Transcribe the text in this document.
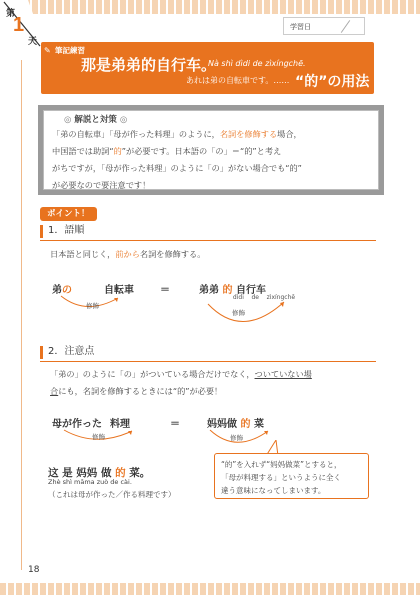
第
1
天
学習日
✎ 筆記練習
那是弟弟的自行车。
Nà shì dìdi de zìxíngchē.
あれは弟の自転車です。…… “的”の用法
◎ 解説と対策 ◎
「弟の自転車」「母が作った料理」のように，名詞を修飾する場合，
中国語では助詞“的”が必要です。日本語の「の」＝“的”と考え
がちですが，「母が作った料理」のように「の」がない場合でも“的”
が必要なので要注意です！
ポイント！
1．語順
日本語と同じく，前から名詞を修飾する。
弟の	自転車
修飾
＝	弟弟 的 自行车
dìdi de zìxíngchē
修飾
2．注意点
「弟の」のように「の」がついている場合だけでなく，ついていない場
合にも，名詞を修飾するときには“的”が必要！
母が作った 料理
修飾
＝	妈妈做 的 菜
修飾
这 是 妈妈 做 的 菜。
Zhè shì māma zuò de cài.
（これは母が作った／作る料理です）
“的”を入れず“妈妈做菜”とすると，
「母が料理する」というように全く
違う意味になってしまいます。
18
